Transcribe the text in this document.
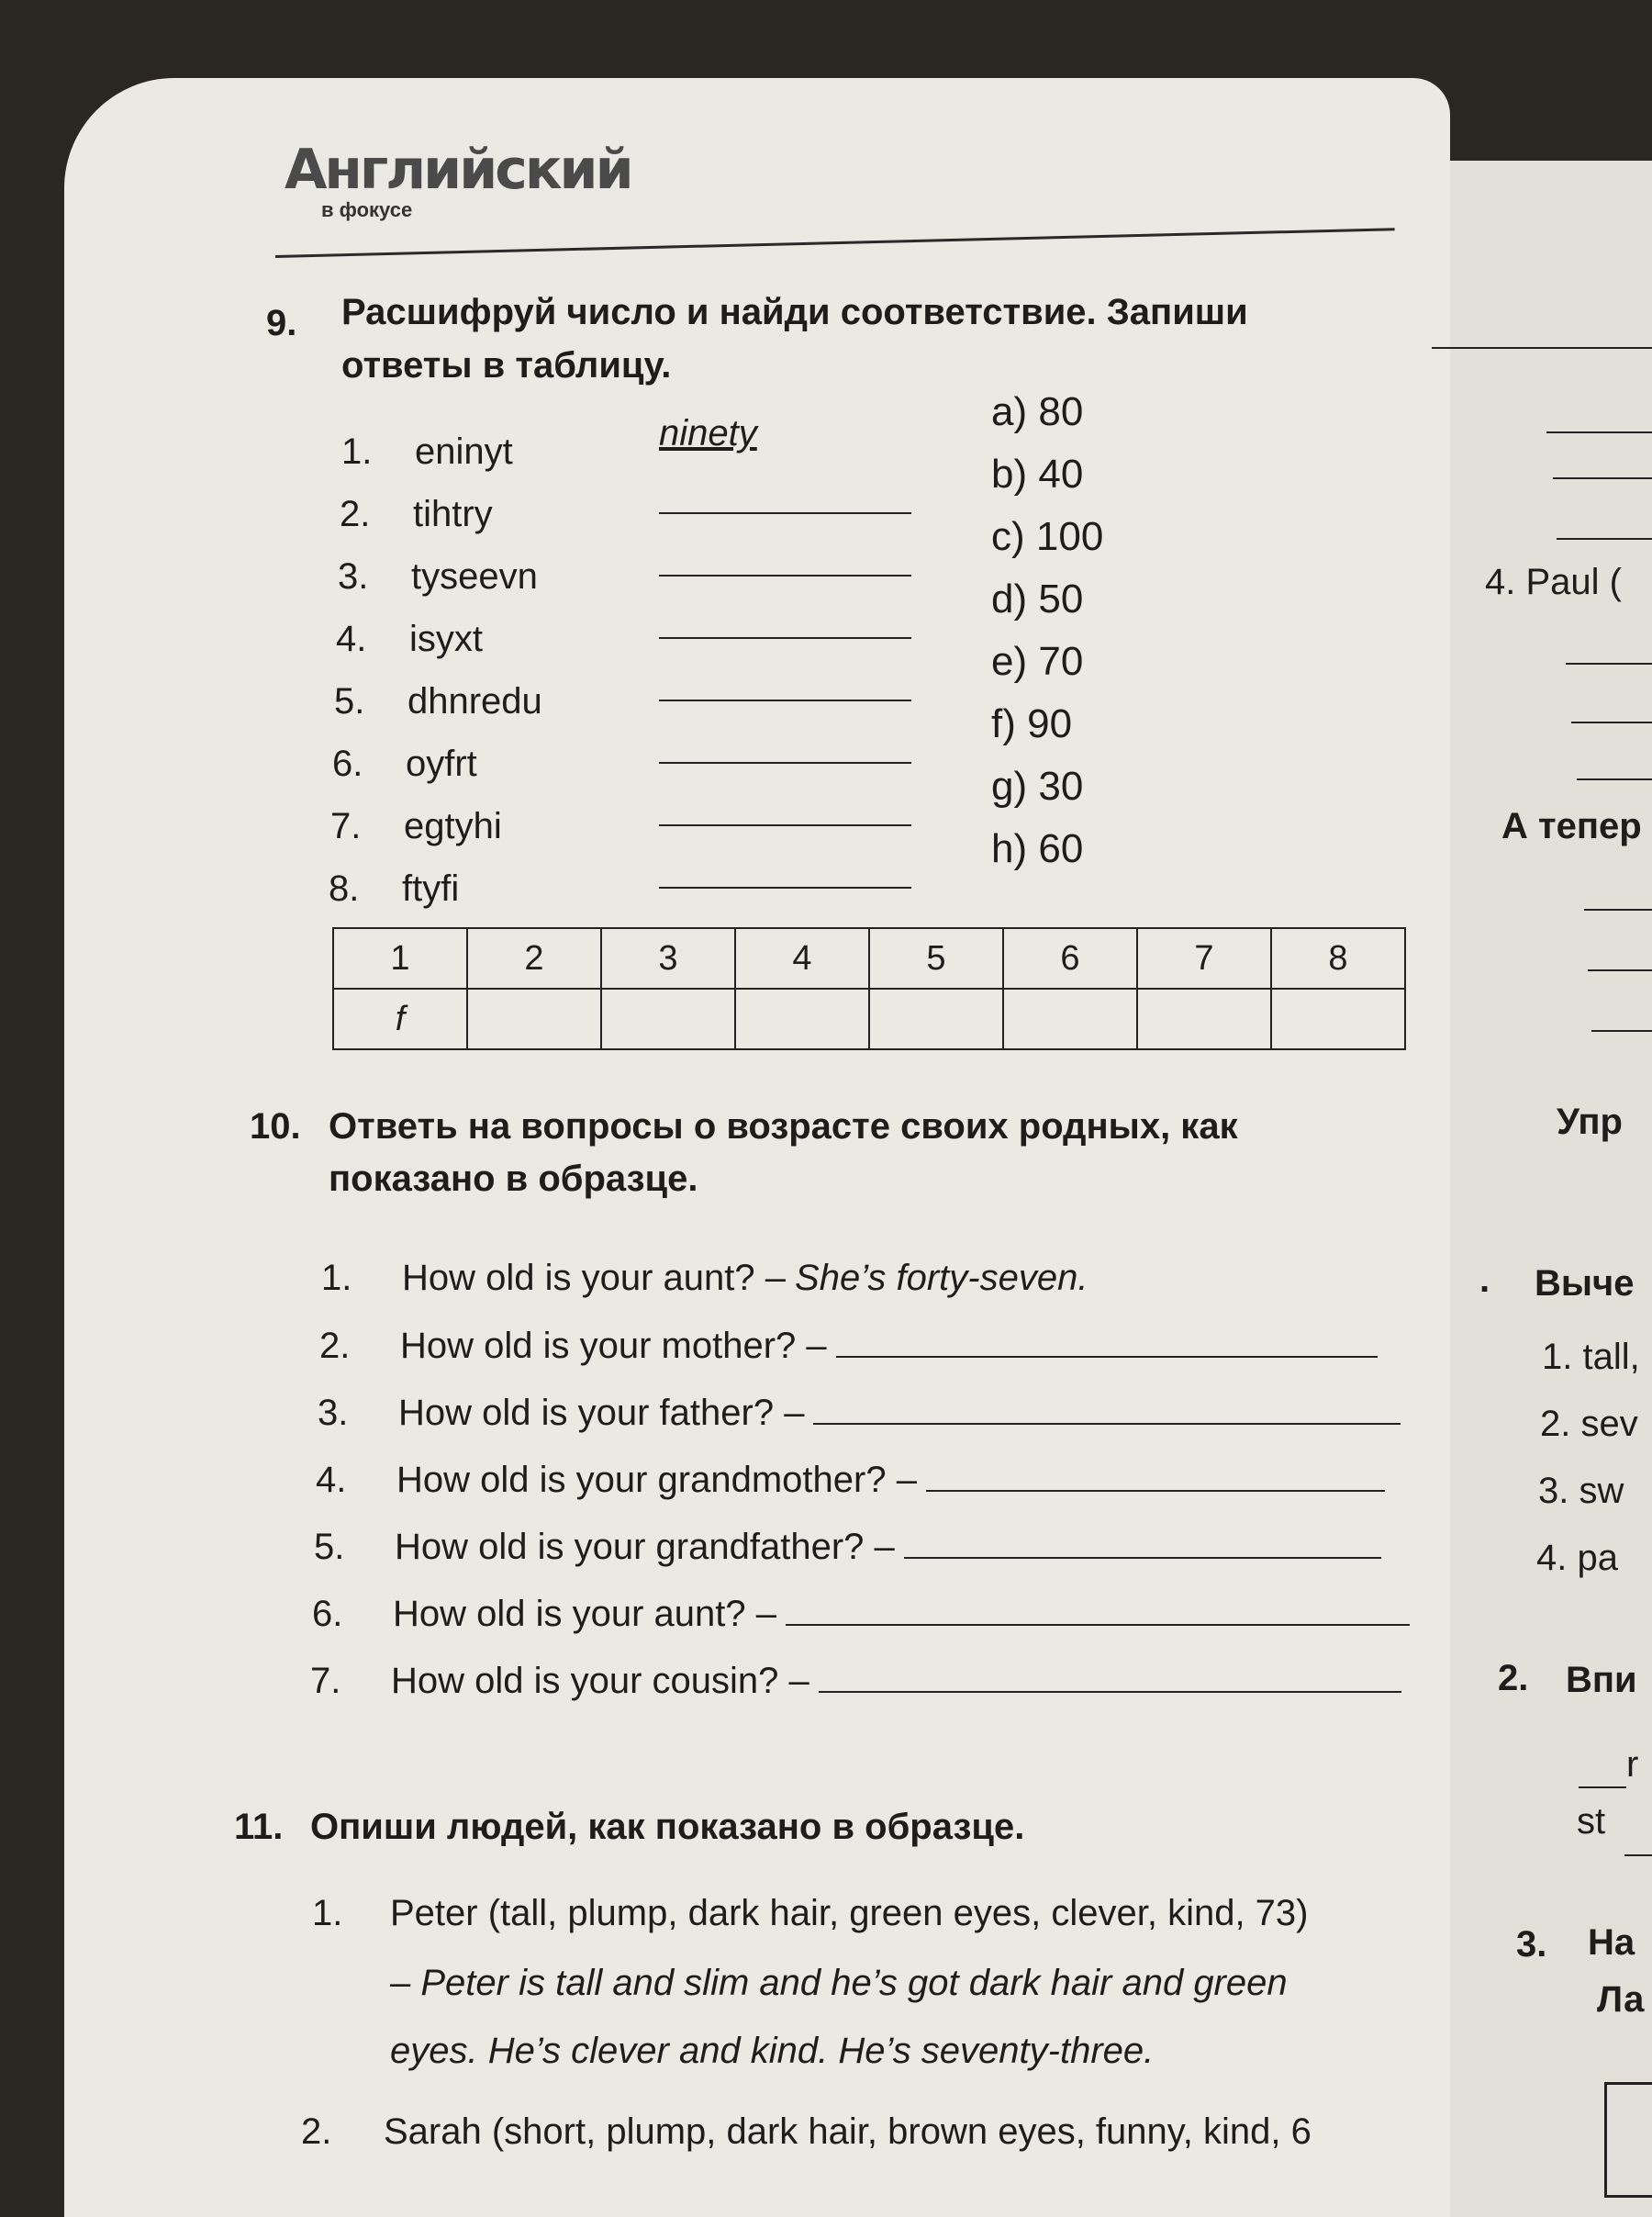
Английский
в фокусе
9. Расшифруй число и найди соответствие. Запиши
ответы в таблицу.
1. eninyt	ninety
2. tihtry
3. tyseevn
4. isyxt
5. dhnredu
6. oyfrt
7. egtyhi
8. ftyfi
a) 80
b) 40
c) 100
d) 50
e) 70
f) 90
g) 30
h) 60
1	2	3	4	5	6	7	8
f							
10. Ответь на вопросы о возрасте своих родных, как
показано в образце.
1. How old is your aunt? – She’s forty-seven.
2. How old is your mother? –
3. How old is your father? –
4. How old is your grandmother? –
5. How old is your grandfather? –
6. How old is your aunt? –
7. How old is your cousin? –
11. Опиши людей, как показано в образце.
1. Peter (tall, plump, dark hair, green eyes, clever, kind, 73)
– Peter is tall and slim and he’s got dark hair and green
eyes. He’s clever and kind. He’s seventy-three.
2. Sarah (short, plump, dark hair, brown eyes, funny, kind, 6
4. Paul (
А тепер
Упр
. Выче
1. tall,
2. sev
3. sw
4. pa
2. Впи
r
st
3. На
Ла
